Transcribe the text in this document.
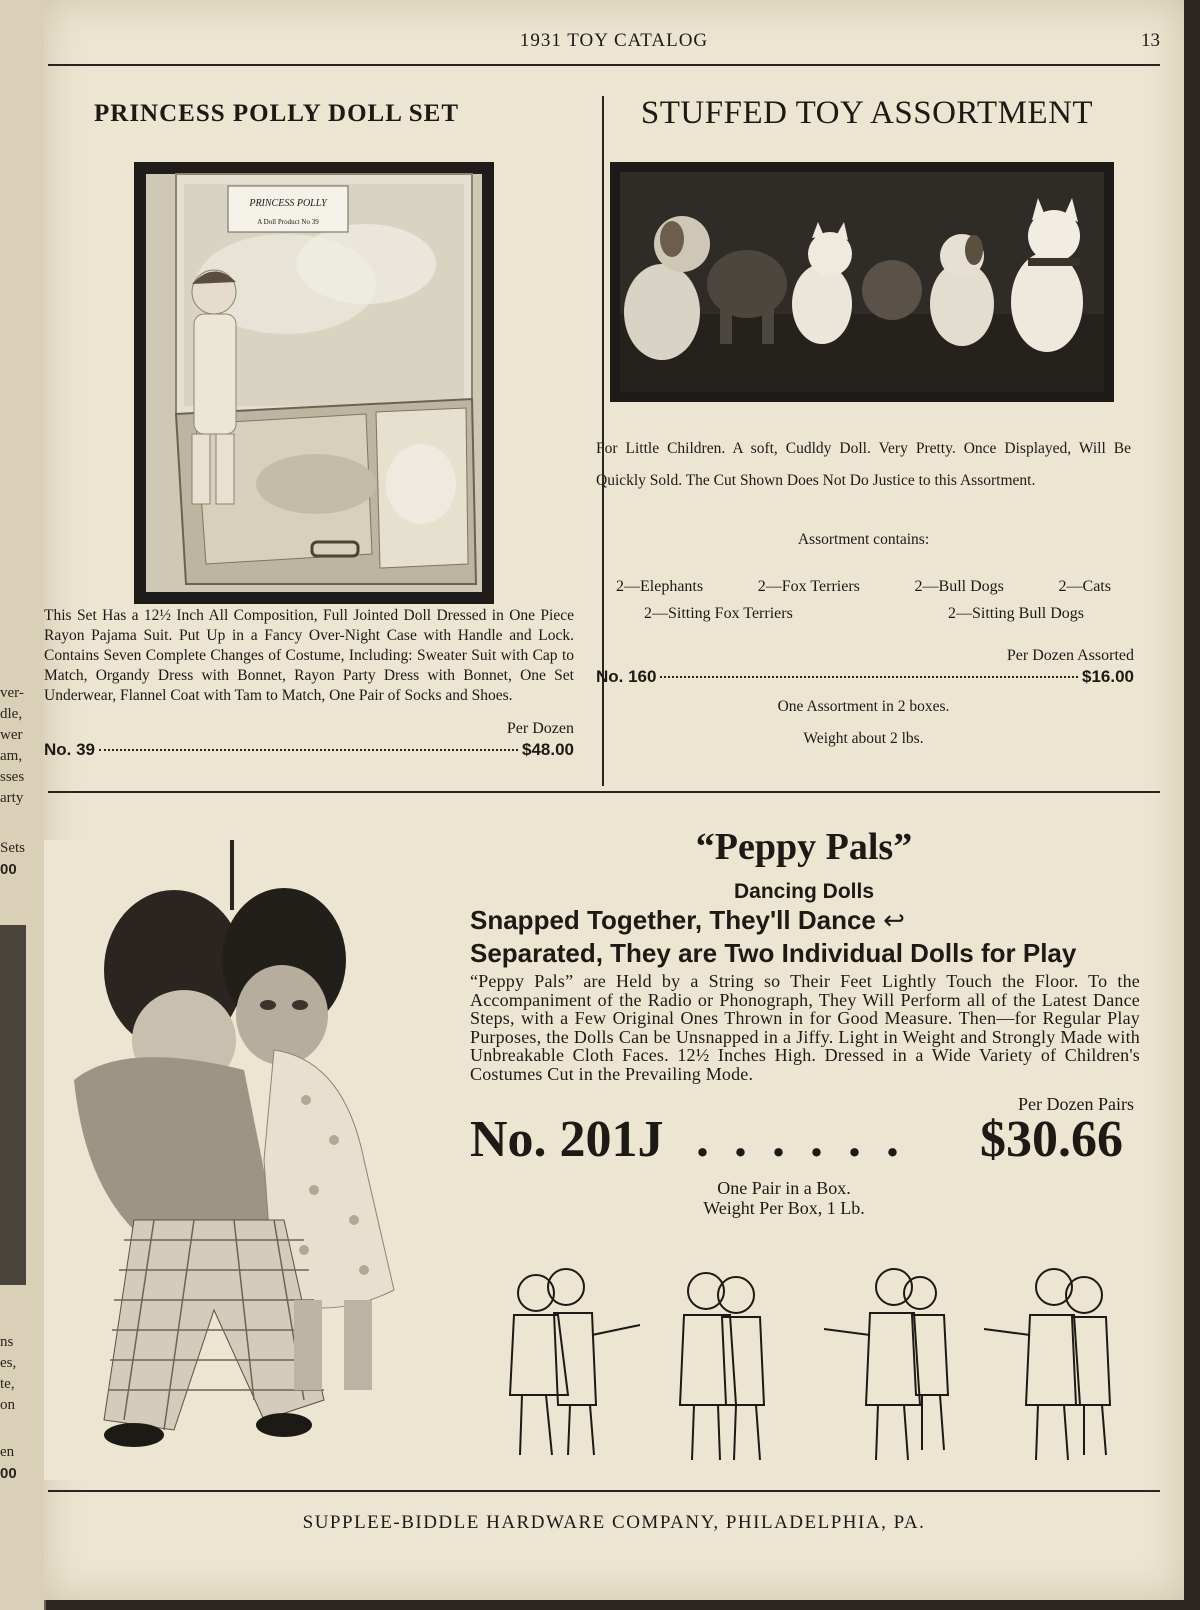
ver-
dle,
wer
am,
sses
arty
Sets
00
ns
es,
te,
on
en
00
1931 TOY CATALOG	13
PRINCESS POLLY DOLL SET
PRINCESS POLLY
A Doll Product No 39
This Set Has a 12½ Inch All Composition, Full Jointed Doll Dressed in One Piece Rayon Pajama Suit. Put Up in a Fancy Over-Night Case with Handle and Lock. Contains Seven Complete Changes of Costume, Including: Sweater Suit with Cap to Match, Organdy Dress with Bonnet, Rayon Party Dress with Bonnet, One Set Underwear, Flannel Coat with Tam to Match, One Pair of Socks and Shoes.
Per Dozen
No. 39	$48.00
STUFFED TOY ASSORTMENT
For Little Children. A soft, Cudldy Doll. Very Pretty. Once Displayed, Will Be Quickly Sold. The Cut Shown Does Not Do Justice to this Assortment.
Assortment contains:
2—Elephants	2—Fox Terriers	2—Bull Dogs	2—Cats
2—Sitting Fox Terriers	2—Sitting Bull Dogs
Per Dozen Assorted
No. 160	$16.00
One Assortment in 2 boxes.
Weight about 2 lbs.
“Peppy Pals”
Dancing Dolls
Snapped Together, They'll Dance ↩
Separated, They are Two Individual Dolls for Play
“Peppy Pals” are Held by a String so Their Feet Lightly Touch the Floor. To the Accompaniment of the Radio or Phonograph, They Will Perform all of the Latest Dance Steps, with a Few Original Ones Thrown in for Good Measure. Then—for Regular Play Purposes, the Dolls Can be Unsnapped in a Jiffy. Light in Weight and Strongly Made with Unbreakable Cloth Faces. 12½ Inches High. Dressed in a Wide Variety of Children's Costumes Cut in the Prevailing Mode.
Per Dozen Pairs
No. 201J . . . . . . $30.66
One Pair in a Box.
Weight Per Box, 1 Lb.
SUPPLEE-BIDDLE HARDWARE COMPANY, PHILADELPHIA, PA.
